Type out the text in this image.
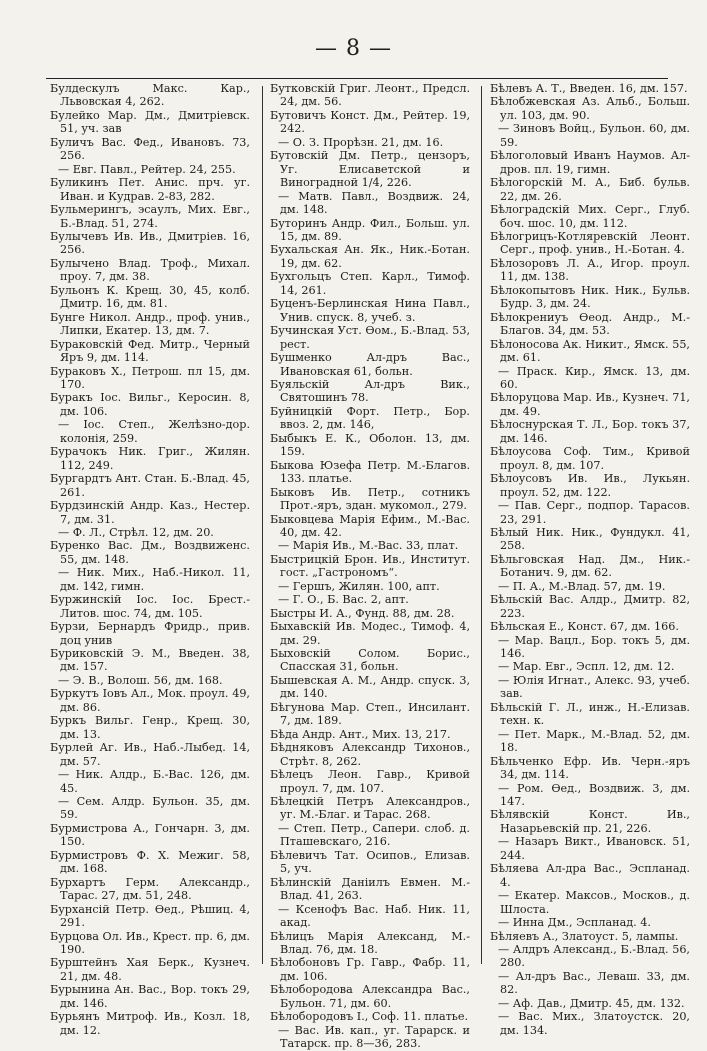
— 8 —

Булдескулъ Макс. Кар., Львовская 4, 262.

Булейко Мар. Дм., Дмитріевск. 51, уч. зав

Буличъ Вас. Фед., Ивановъ. 73, 256.

— Евг. Павл., Рейтер. 24, 255.

Буликинъ Пет. Анис. прч. уг. Иван. и Кудрав. 2-83, 282.

Бульмерингъ, эсаулъ, Мих. Евг., Б.-Влад. 51, 274.

Булычевъ Ив. Ив., Дмитріев. 16, 256.

Булычено Влад. Троф., Михал. проу. 7, дм. 38.

Бульонъ К. Крещ. 30, 45, колб. Дмитр. 16, дм. 81.

Бунге Никол. Андр., проф. унив., Липки, Екатер. 13, дм. 7.

Бураковскій Фед. Митр., Черный Яръ 9, дм. 114.

Бураковъ Х., Петрош. пл 15, дм. 170.

Буракъ Іос. Вильг., Керосин. 8, дм. 106.

— Іос. Степ., Желѣзно-дор. колонія, 259.

Бурачокъ Ник. Григ., Жилян. 112, 249.

Бургардтъ Ант. Стан. Б.-Влад. 45, 261.

Бурдзинскій Андр. Каз., Нестер. 7, дм. 31.

— Ф. Л., Стрѣл. 12, дм. 20.

Буренко Вас. Дм., Воздвиженс. 55, дм. 148.

— Ник. Мих., Наб.-Никол. 11, дм. 142, гимн.

Буржинскій Іос. Іос. Брест.-Литов. шос. 74, дм. 105.

Бурзи, Бернардъ Фридр., прив. доц унив

Буриковскій Э. М., Введен. 38, дм. 157.

— Э. В., Волош. 56, дм. 168.

Буркутъ Іовъ Ал., Мок. проул. 49, дм. 86.

Буркъ Вильг. Генр., Крещ. 30, дм. 13.

Бурлей Аг. Ив., Наб.-Лыбед. 14, дм. 57.

— Ник. Алдр., Б.-Вас. 126, дм. 45.

— Сем. Алдр. Бульон. 35, дм. 59.

Бурмистрова А., Гончарн. 3, дм. 150.

Бурмистровъ Ф. Х. Межиг. 58, дм. 168.

Бурхартъ Герм. Александр., Тарас. 27, дм. 51, 248.

Бурхансій Петр. Өед., Рѣшиц. 4, 291.

Бурцова Ол. Ив., Крест. пр. 6, дм. 190.

Бурштейнъ Хая Берк., Кузнеч. 21, дм. 48.

Бурынина Ан. Вас., Вор. токъ 29, дм. 146.

Бурьянъ Митроф. Ив., Козл. 18, дм. 12.

Бутковскій Григ. Леонт., Предсл. 24, дм. 56.

Бутовичъ Конст. Дм., Рейтер. 19, 242.

— О. З. Прорѣзн. 21, дм. 16.

Бутовскій Дм. Петр., цензоръ, Уг. Елисаветской и Виноградной 1/4, 226.

— Матв. Павл., Воздвиж. 24, дм. 148.

Буторинъ Андр. Фил., Больш. ул. 15, дм. 89.

Бухальская Ан. Як., Ник.-Ботан. 19, дм. 62.

Бухгольцъ Степ. Карл., Тимоф. 14, 261.

Буценъ-Берлинская Нина Павл., Унив. спуск. 8, учеб. з.

Бучинская Уст. Өом., Б.-Влад. 53, рест.

Бушменко Ал-дръ Вас., Ивановская 61, больн.

Буяльскій Ал-дръ Вик., Святошинъ 78.

Буйницкій Форт. Петр., Бор. ввоз. 2, дм. 146,

Быбыкъ Е. К., Оболон. 13, дм. 159.

Быкова Юзефа Петр. М.-Благов. 133. платье.

Быковъ Ив. Петр., сотникъ Прот.-яръ, здан. мукомол., 279.

Быковцева Марія Ефим., М.-Вас. 40, дм. 42.

— Марія Ив., М.-Вас. 33, плат.

Быстрицкій Брон. Ив., Институт. гост. „Гастрономъ“.

— Гершъ, Жилян. 100, апт.

— Г. О., Б. Вас. 2, апт.

Быстры И. А., Фунд. 88, дм. 28.

Быхавскій Ив. Модес., Тимоф. 4, дм. 29.

Быховскій Солом. Борис., Спасская 31, больн.

Бышевская А. М., Андр. спуск. 3, дм. 140.

Бѣгунова Мар. Степ., Инсилант. 7, дм. 189.

Бѣда Андр. Ант., Мих. 13, 217.

Бѣдняковъ Александр Тихонов., Стрѣт. 8, 262.

Бѣлецъ Леон. Гавр., Кривой проул. 7, дм. 107.

Бѣлецкій Петръ Александров., уг. М.-Благ. и Тарас. 268.

— Степ. Петр., Сапери. слоб. д. Пташевскаго, 216.

Бѣлевичъ Тат. Осипов., Елизав. 5, уч.

Бѣлинскій Даніилъ Евмен. М.-Влад. 41, 263.

— Ксенофъ Вас. Наб. Ник. 11, акад.

Бѣлицъ Марія Александ, М.-Влад. 76, дм. 18.

Бѣлобоновъ Гр. Гавр., Фабр. 11, дм. 106.

Бѣлобородова Александра Вас., Бульон. 71, дм. 60.

Бѣлобородовъ І., Соф. 11. платье.

— Вас. Ив. кап., уг. Тарарск. и Татарск. пр. 8—36, 283.

Бѣлевъ А. Т., Введен. 16, дм. 157.

Бѣлобжевская Аз. Альб., Больш. ул. 103, дм. 90.

— Зиновъ Войц., Бульон. 60, дм. 59.

Бѣлоголовый Иванъ Наумов. Ал-дров. пл. 19, гимн.

Бѣлогорскій М. А., Биб. бульв. 22, дм. 26.

Бѣлоградскій Мих. Серг., Глуб. боч. шос. 10, дм. 112.

Бѣлогрицъ-Котляревскій Леонт. Серг., проф. унив., Н.-Ботан. 4.

Бѣлозоровъ Л. А., Игор. проул. 11, дм. 138.

Бѣлокопытовъ Ник. Ник., Бульв. Будр. 3, дм. 24.

Бѣлокрениуъ Өеод. Андр., М.-Благов. 34, дм. 53.

Бѣлоносова Ак. Никит., Ямск. 55, дм. 61.

— Праск. Кир., Ямск. 13, дм. 60.

Бѣлоруцова Мар. Ив., Кузнеч. 71, дм. 49.

Бѣлоснурская Т. Л., Бор. токъ 37, дм. 146.

Бѣлоусова Соф. Тим., Кривой проул. 8, дм. 107.

Бѣлоусовъ Ив. Ив., Лукьян. проул. 52, дм. 122.

— Пав. Серг., подпор. Тарасов. 23, 291.

Бѣлый Ник. Ник., Фундукл. 41, 258.

Бѣльговская Над. Дм., Ник.-Ботанич. 9, дм. 62.

— П. А., М.-Влад. 57, дм. 19.

Бѣльскій Вас. Алдр., Дмитр. 82, 223.

Бѣльская Е., Конст. 67, дм. 166.

— Мар. Вацл., Бор. токъ 5, дм. 146.

— Мар. Евг., Эспл. 12, дм. 12.

— Юлія Игнат., Алекс. 93, учеб. зав.

Бѣльскій Г. Л., инж., Н.-Елизав. техн. к.

— Пет. Марк., М.-Влад. 52, дм. 18.

Бѣльченко Ефр. Ив. Черн.-яръ 34, дм. 114.

— Ром. Өед., Воздвиж. 3, дм. 147.

Бѣлявскій Конст. Ив., Назарьевскій пр. 21, 226.

— Назаръ Викт., Ивановск. 51, 244.

Бѣляева Ал-дра Вас., Эспланад. 4.

— Екатер. Максов., Москов., д. Шлоста.

— Инна Дм., Эспланад. 4.

Бѣляевъ А., Златоуст. 5, лампы.

— Алдръ Александ., Б.-Влад. 56, 280.

— Ал-дръ Вас., Леваш. 33, дм. 82.

— Аф. Дав., Дмитр. 45, дм. 132.

— Вас. Мих., Златоустск. 20, дм. 134.
